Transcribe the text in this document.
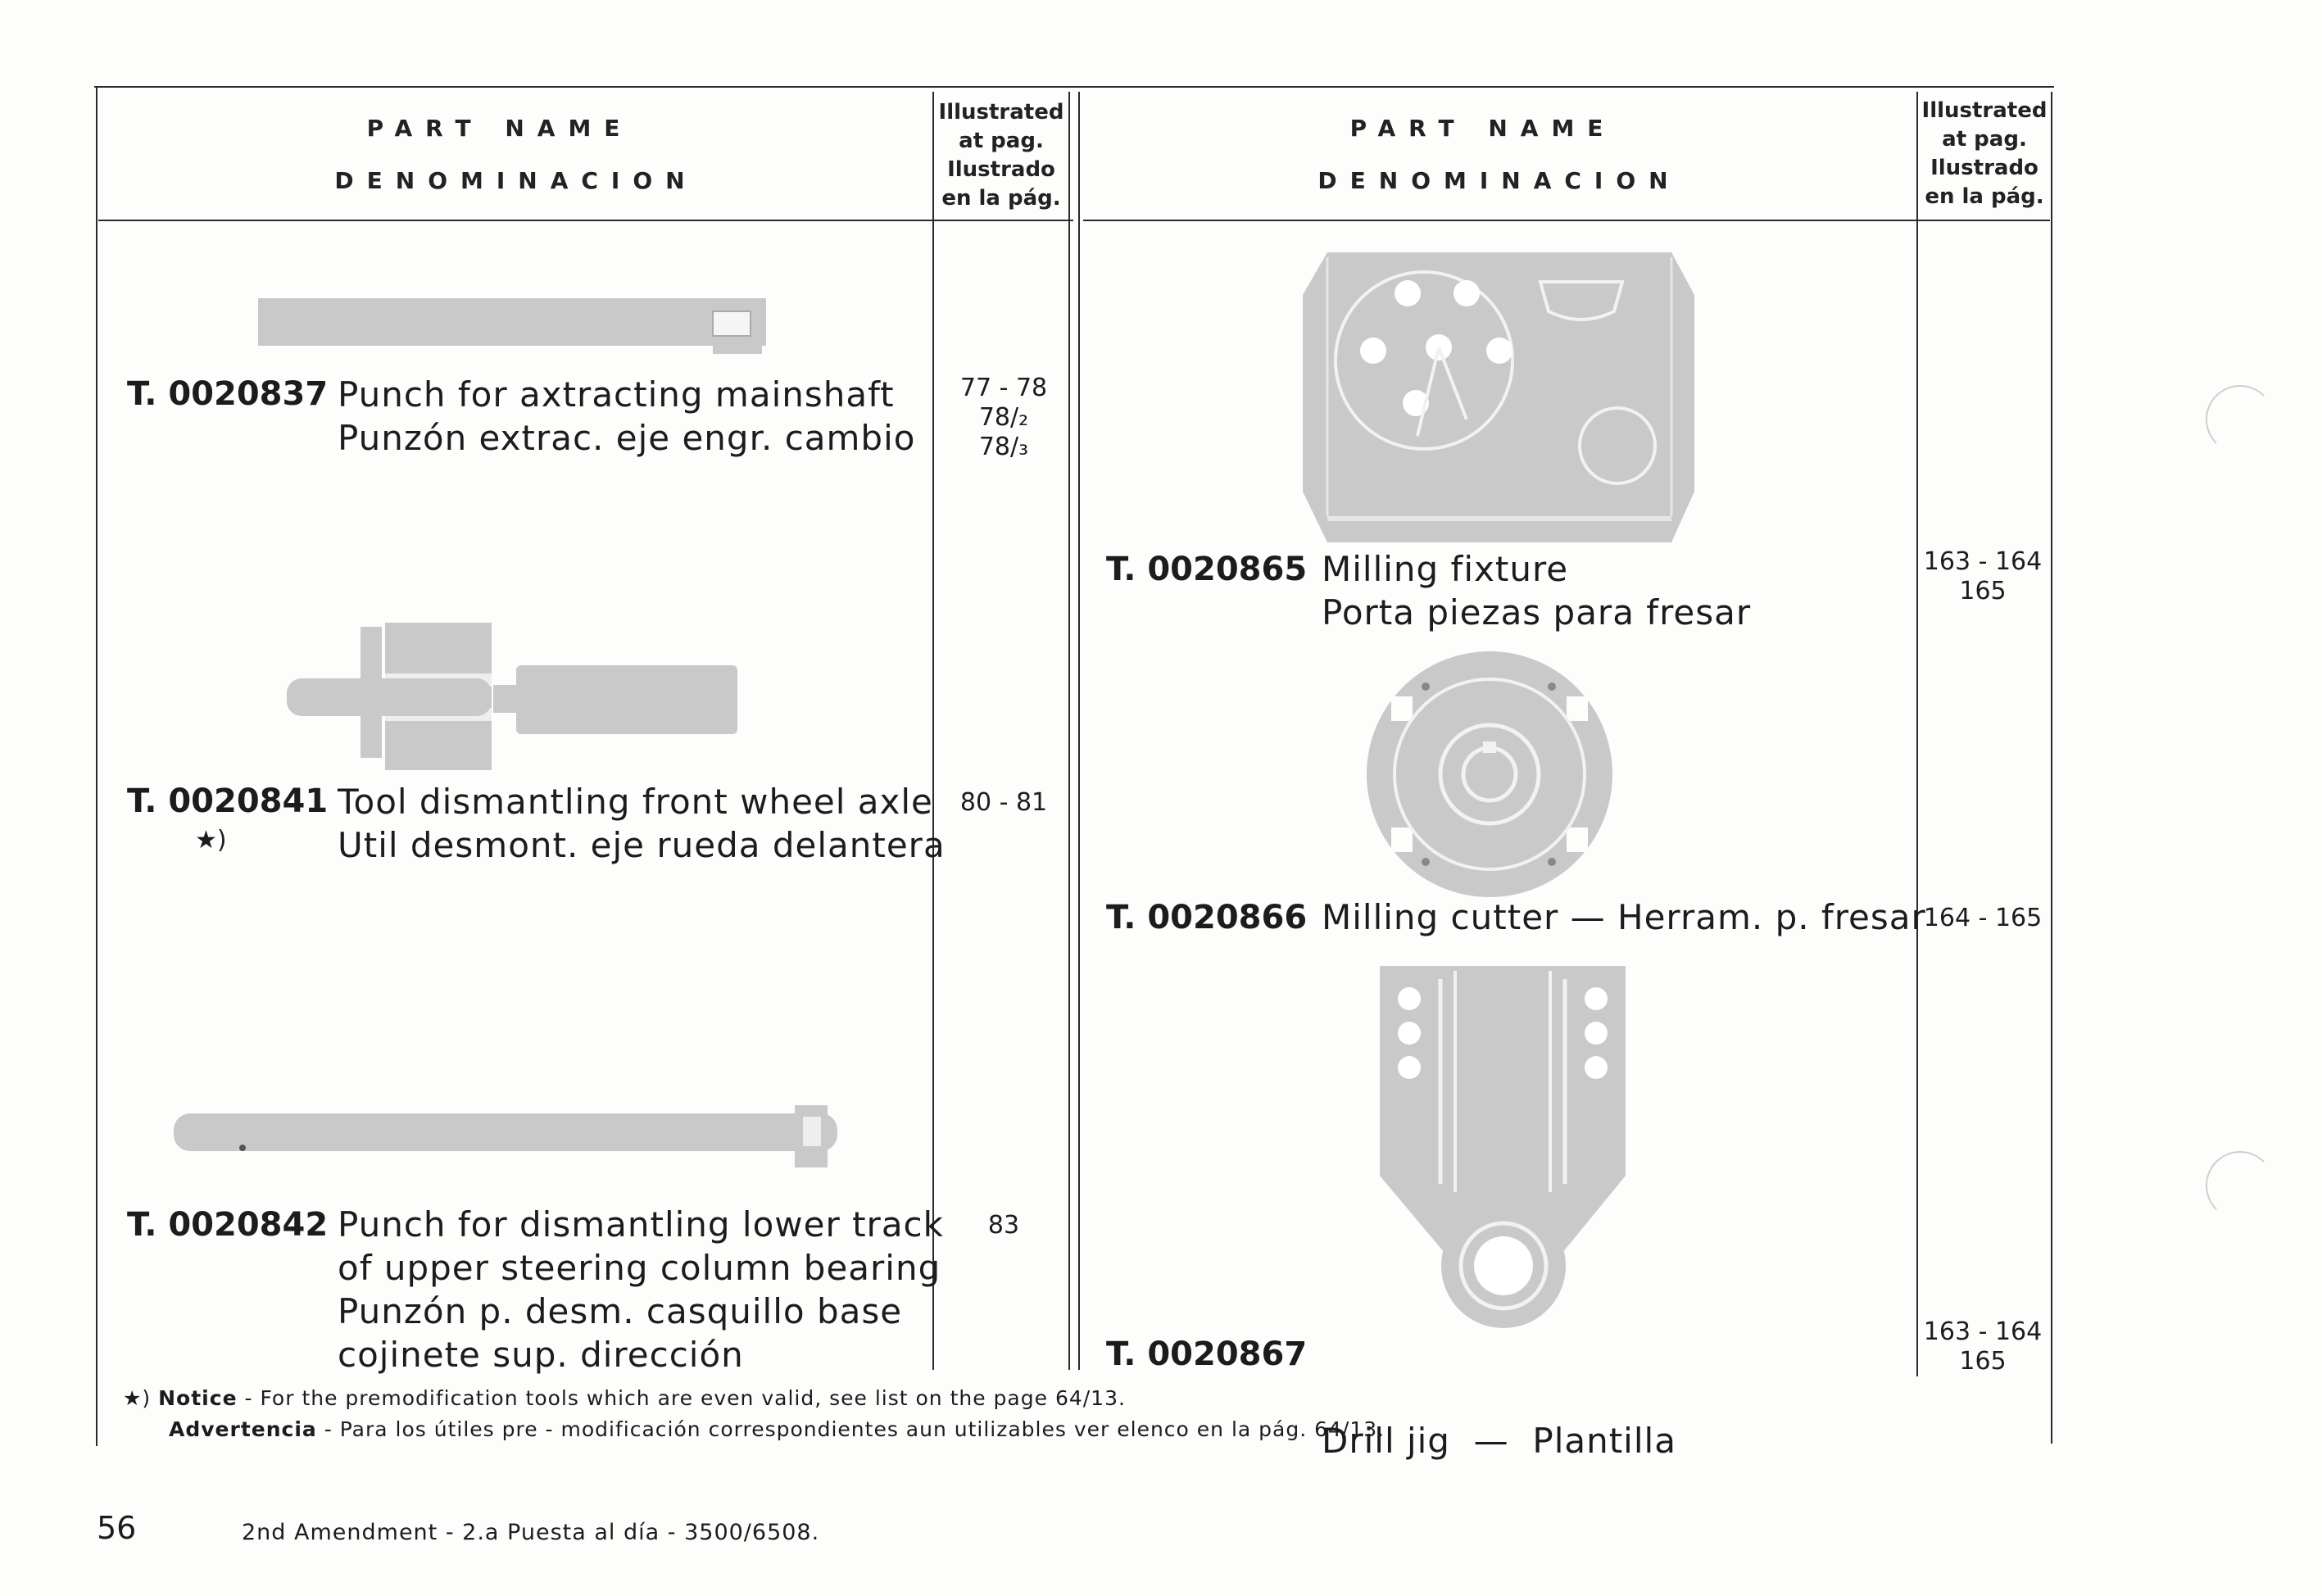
PART NAME
DENOMINACION
Illustrated
at pag.
Ilustrado
en la pág.
PART NAME
DENOMINACION
Illustrated
at pag.
Ilustrado
en la pág.
T. 0020837 Punch for axtracting mainshaft
Punzón extrac. eje engr. cambio
77 - 78
78/₂
78/₃
T. 0020841
★)
Tool dismantling front wheel axle
Util desmont. eje rueda delantera
80 - 81
T. 0020842 Punch for dismantling lower track
of upper steering column bearing
Punzón p. desm. casquillo base
cojinete sup. dirección
83
T. 0020865 Milling fixture
Porta piezas para fresar
163 - 164
165
T. 0020866 Milling cutter — Herram. p. fresar
164 - 165
T. 0020867

Drill jig  —  Plantilla

163 - 164
165
★) Notice - For the premodification tools which are even valid, see list on the page 64/13.
Advertencia - Para los útiles pre - modificación correspondientes aun utilizables ver elenco en la pág. 64/13.
56	2nd Amendment - 2.a Puesta al día - 3500/6508.
